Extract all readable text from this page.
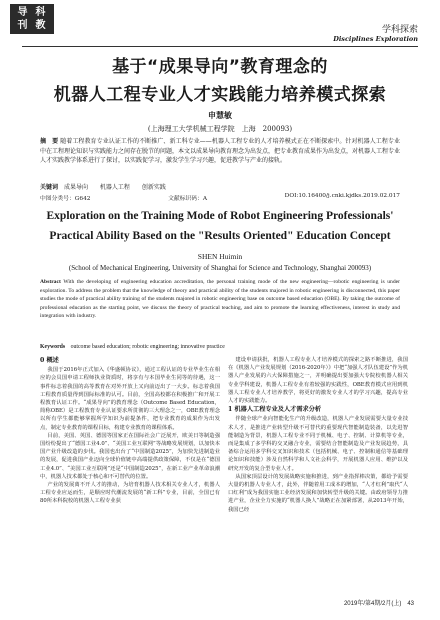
导 科
刊 教	学科探索
Disciplines Exploration
基于“成果导向”教育理念的
机器人工程专业人才实践能力培养模式探索
申慧敏
(上海理工大学机械工程学院　上海　200093)
摘　要 随着工程教育专业认证工作的不断推广、新工科专业——机器人工程专业的人才培养模式正在不断探索中。针对机器人工程专业中在工程理论知识与实践能力之间存在脱节的问题，本文以成果导向教育理念为出发点，把专业教育成果作为出发点，对机器人工程专业人才实践教学体系进行了探讨，以实践促学习，激发学生学习兴趣，促进教学与产业的接轨。
关键词 成果导向 机器人工程 创新实践
中图分类号：G642	文献标识码：A	DOI:10.16400/j.cnki.kjdks.2019.02.017
Exploration on the Training Mode of Robot Engineering Professionals'
Practical Ability Based on the "Results Oriented" Education Concept
SHEN Huimin
(School of Mechanical Engineering, University of Shanghai for Science and Technology, Shanghai 200093)
Abstract With the developing of engineering education accreditation, the personal training mode of the new engineering—robotic engineering is under exploration. To address the problem that the knowledge of theory and practical ability of the students majored in robotic engineering is disconnected, this paper studies the mode of practical ability training of the students majored in robotic engineering base on outcome based education (OBE). By taking the outcome of professional education as the starting point, we discuss the theory of practical teaching, and aim to promote the learning effectiveness, interest in study and integration with industry.
Keywords outcome based education; robotic engineering; innovative practice
0 概述

我国于2016年正式加入《华盛顿协议》，通过工程认证的专业毕业生在相应的会员国申请工程师执业资质时，将享有与本国毕业生同等的待遇，这一事件标志着我国的高等教育在对外开放上又向前迈出了一大步。标志着我国工程教育质量得到国际标准的认可。目前，全国高校都在积极推广和开展工程教育认证工作。“成果导向”的教育理念（Outcome Based Education，简称OBE）是工程教育专业认证要求所贯彻的三大理念之一，OBE教育理念以所有学生都能够掌握所学知识为前提条件，把专业教育的成果作为出发点，制定专业教育的课程目标，构建专业教育的课程体系。

目前，美国、英国、德国等国家正在国际社会广泛展开，欧美日等制造强国纷纷提出了“德国工业4.0”、“美国工业互联网”等战略发展规划，以加快本国产业升级改造的步伐。我国也出台了“中国制造2025”，为加快先进制造业的发展，促进我国产业迈向全球价值链中高端提供政策保障，不仅是在“德国工业4.0”、“美国工业互联网”还是“中国制造2025”，在新工业产业革命浪潮中，机器人技术都处于核心和不可替代的位置。

产业的发展离不开人才的推动，为培育机器人技术相关专业人才，机器人工程专业应运而生，是顺应时代潮流发展的“新工科”专业，目前，全国已有80所本科院校的机器人工程专业获

建设申请获批，机器人工程专业人才培养模式的探索之路不断推进，我国在《机器人产业发展规划（2016-2020年）》中把“加强人才队伍建设”作为机器人产业发展的六大保障措施之一，并明确提出要加强大专院校机器人相关专业学科建设，机器人工程专业有着较强的实践性，OBE教育模式应用到机器人工程专业人才培养教学，将更好的激发专业人才的学习兴趣，提高专业人才的实践能力。

1 机器人工程专业及人才需求分析

伴随全球产业向智能化生产的升级改造，机器人产业发展需要大量专业技术人才，是推进产业转型升级不可替代的重要现代智能制造装备，以先进智能制造为背景，机器人工程专业不同于机械、电子、控制、计算机等专业，而是集成了多学科的交叉融合专业，需要结合智能制造及产业发展趋势，具备综合运用多学科交叉知识和技术（包括机械、电子、控制和通信等基础理论知识和技能）涉及自然科学和人文社会科学，开展机器人应用、维护以及研究开发的复合型专业人才。

从国家顶层设计的发展战略实施和推进，到产业指挥棒决策，都给予需要大量的机器人专业人才，此外，伴随着用工成本的增加，“人才红利”取代“人口红利”成为我国实施工业经济发展和加快转型升级的关键。由政府领导力推进产业，企业全力实施的“机器人换人”战略正在加紧部署，从2013年开始，我国已经

2019年/第4期/2月(上)　43
